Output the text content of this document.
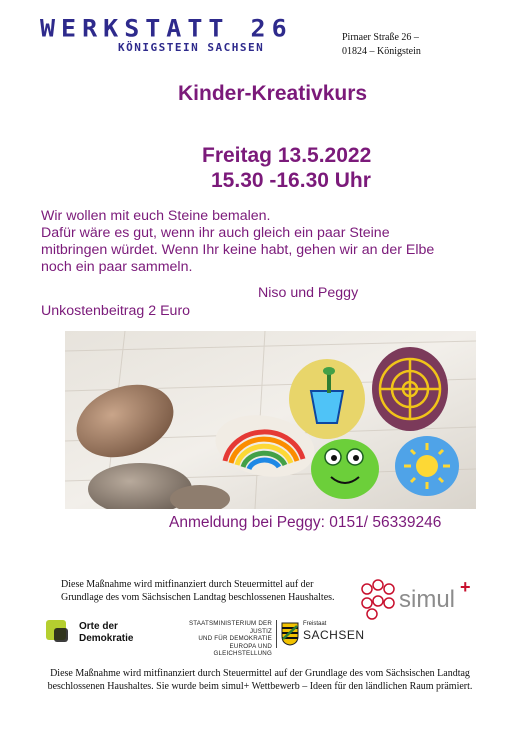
WERKSTATT 26
KÖNIGSTEIN SACHSEN
Pirnaer Straße 26 –
01824 – Königstein
Kinder-Kreativkurs
Freitag 13.5.2022
15.30 -16.30 Uhr
Wir wollen mit euch Steine bemalen.
Dafür wäre es gut, wenn ihr auch gleich ein paar Steine
mitbringen würdet. Wenn Ihr keine habt, gehen wir an der Elbe
noch ein paar sammeln.
Niso und Peggy
Unkostenbeitrag 2 Euro
Anmeldung bei Peggy: 0151/ 56339246
Diese Maßnahme wird mitfinanziert durch Steuermittel auf der Grundlage des vom Sächsischen Landtag beschlossenen Haushaltes.	simul +
Orte der
Demokratie
STAATSMINISTERIUM DER JUSTIZ
UND FÜR DEMOKRATIE
EUROPA UND GLEICHSTELLUNG
Freistaat
SACHSEN
Diese Maßnahme wird mitfinanziert durch Steuermittel auf der Grundlage des vom Sächsischen Landtag beschlossenen Haushaltes. Sie wurde beim simul+ Wettbewerb – Ideen für den ländlichen Raum prämiert.
